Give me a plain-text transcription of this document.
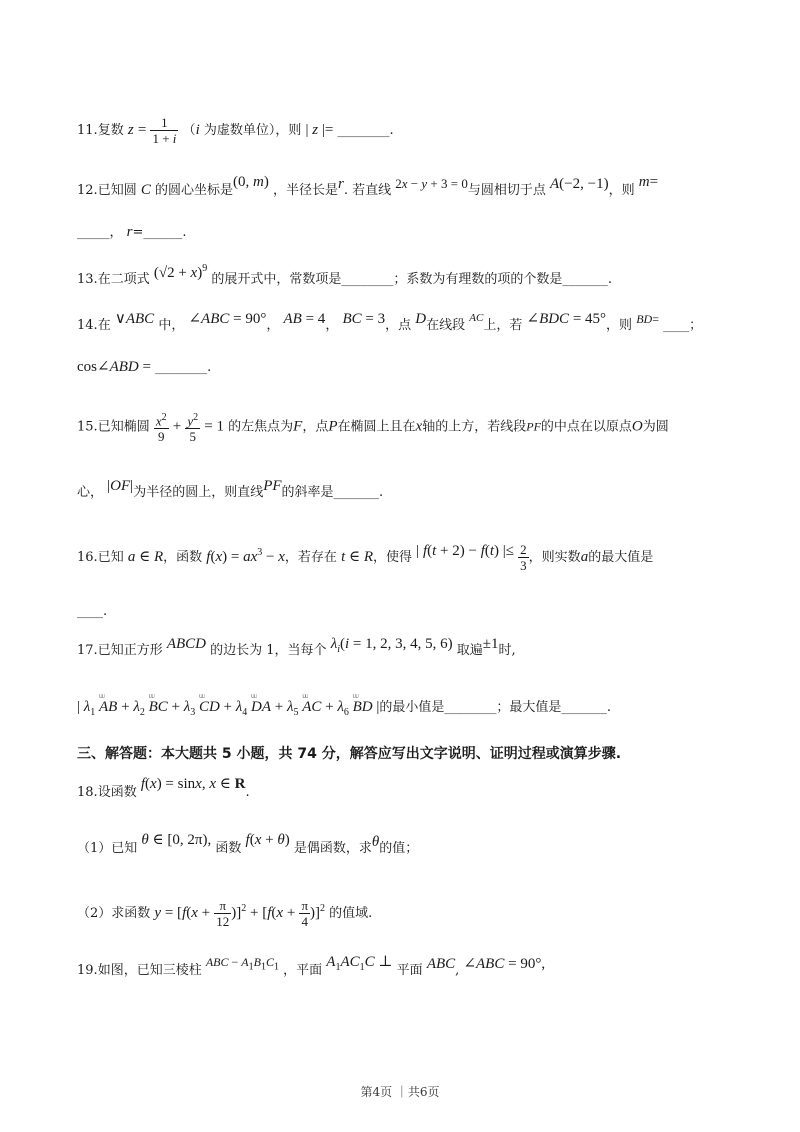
11.复数 $z = \frac{1}{1 + i} (i$ 为虚数单位），则 | z |= ________.
12.已知圆 C 的圆心坐标是(0, m) ，半径长是r. 若直线 2x − y + 3 = 0与圆相切于点 A(−2, −1)，则 m=
_____， r=______.
13.在二项式 $(√2 + x)^9$ 的展开式中，常数项是________；系数为有理数的项的个数是_______.
14.在 ∨ABC 中， ∠ABC = 90°， AB = 4， BC = 3，点 D在线段 $^{AC}$上，若 ∠BDC = 45°，则 BD= ____；
cos∠ABD = ________.
15.已知椭圆 $\frac{x^2}{9} + \frac{y^2}{5} = 1$ 的左焦点为F，点P在椭圆上且在x轴的上方，若线段PF的中点在以原点O为圆
心， |OF|为半径的圆上，则直线PF的斜率是_______.
16.已知 a ∈ R，函数 $f(x) = ax^3 - x$，若存在 t ∈ R，使得 | f(t + 2) − f(t) |≤ $\frac{2}{3}$ ，则实数a的最大值是
____.
17.已知正方形 ABCD 的边长为 1，当每个 $\lambda_i(i = 1$, 2, 3, 4, 5, 6) 取遍±1时,
| $\lambda_1$ ᵁᵁ AB + $\lambda_2$ ᵁᵁ BC + $\lambda_3$ ᵁᵁ CD + $\lambda_4$ ᵁᵁ DA + $\lambda_5$ ᵁᵁ AC + $\lambda_6$ ᵁᵁ BD |的最小值是________；最大值是_______.
三、解答题：本大题共 5 小题，共 74 分，解答应写出文字说明、证明过程或演算步骤.
18.设函数 f(x) = sinx, x ∈ R.
（1）已知 θ ∈ [0, 2π), 函数 f(x + θ) 是偶函数，求θ的值；
（2）求函数 $y = [f(x + \frac{\pi}{12} )]^2 + [f(x + \frac{\pi}{4} )]^2$ 的值域.
19.如图，已知三棱柱 ABC − $A_1B_1C_1$ ，平面 $A_1AC_1C$ ⊥ 平面 ABC, ∠ABC = 90°,
第4页 ｜共6页
